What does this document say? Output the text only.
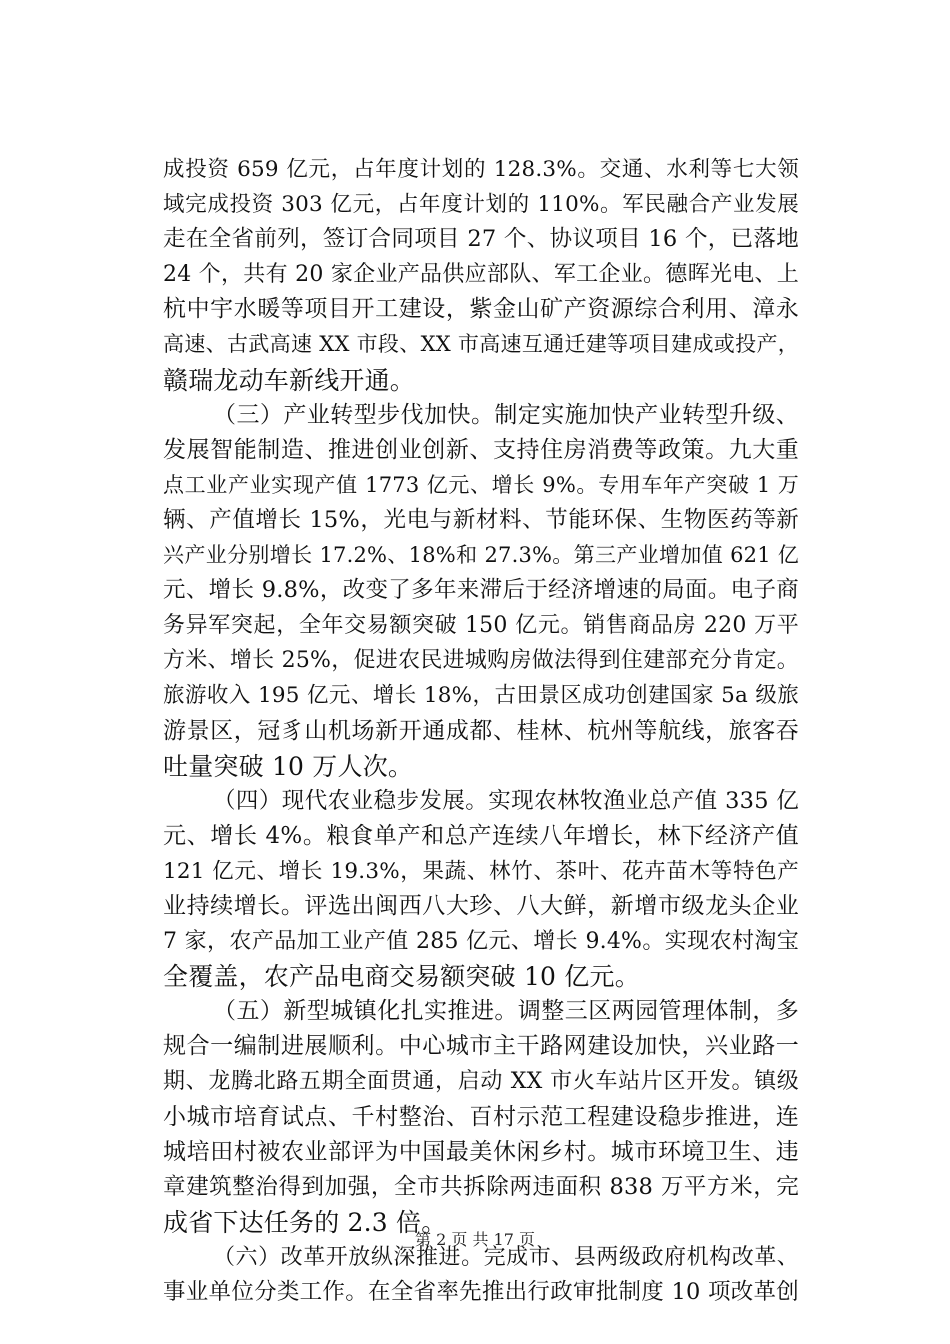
成投资 659 亿元，占年度计划的 128.3%。交通、水利等七大领
域完成投资 303 亿元，占年度计划的 110%。军民融合产业发展
走在全省前列，签订合同项目 27 个、协议项目 16 个，已落地
24 个，共有 20 家企业产品供应部队、军工企业。德晖光电、上
杭中宇水暖等项目开工建设，紫金山矿产资源综合利用、漳永
高速、古武高速 XX 市段、XX 市高速互通迁建等项目建成或投产，
赣瑞龙动车新线开通。
（三）产业转型步伐加快。制定实施加快产业转型升级、
发展智能制造、推进创业创新、支持住房消费等政策。九大重
点工业产业实现产值 1773 亿元、增长 9%。专用车年产突破 1 万
辆、产值增长 15%，光电与新材料、节能环保、生物医药等新
兴产业分别增长 17.2%、18%和 27.3%。第三产业增加值 621 亿
元、增长 9.8%，改变了多年来滞后于经济增速的局面。电子商
务异军突起，全年交易额突破 150 亿元。销售商品房 220 万平
方米、增长 25%，促进农民进城购房做法得到住建部充分肯定。
旅游收入 195 亿元、增长 18%，古田景区成功创建国家 5a 级旅
游景区，冠豸山机场新开通成都、桂林、杭州等航线，旅客吞
吐量突破 10 万人次。
（四）现代农业稳步发展。实现农林牧渔业总产值 335 亿
元、增长 4%。粮食单产和总产连续八年增长，林下经济产值
121 亿元、增长 19.3%，果蔬、林竹、茶叶、花卉苗木等特色产
业持续增长。评选出闽西八大珍、八大鲜，新增市级龙头企业
7 家，农产品加工业产值 285 亿元、增长 9.4%。实现农村淘宝
全覆盖，农产品电商交易额突破 10 亿元。
（五）新型城镇化扎实推进。调整三区两园管理体制，多
规合一编制进展顺利。中心城市主干路网建设加快，兴业路一
期、龙腾北路五期全面贯通，启动 XX 市火车站片区开发。镇级
小城市培育试点、千村整治、百村示范工程建设稳步推进，连
城培田村被农业部评为中国最美休闲乡村。城市环境卫生、违
章建筑整治得到加强，全市共拆除两违面积 838 万平方米，完
成省下达任务的 2.3 倍。
（六）改革开放纵深推进。完成市、县两级政府机构改革、
事业单位分类工作。在全省率先推出行政审批制度 10 项改革创
第 2 页 共 17 页
